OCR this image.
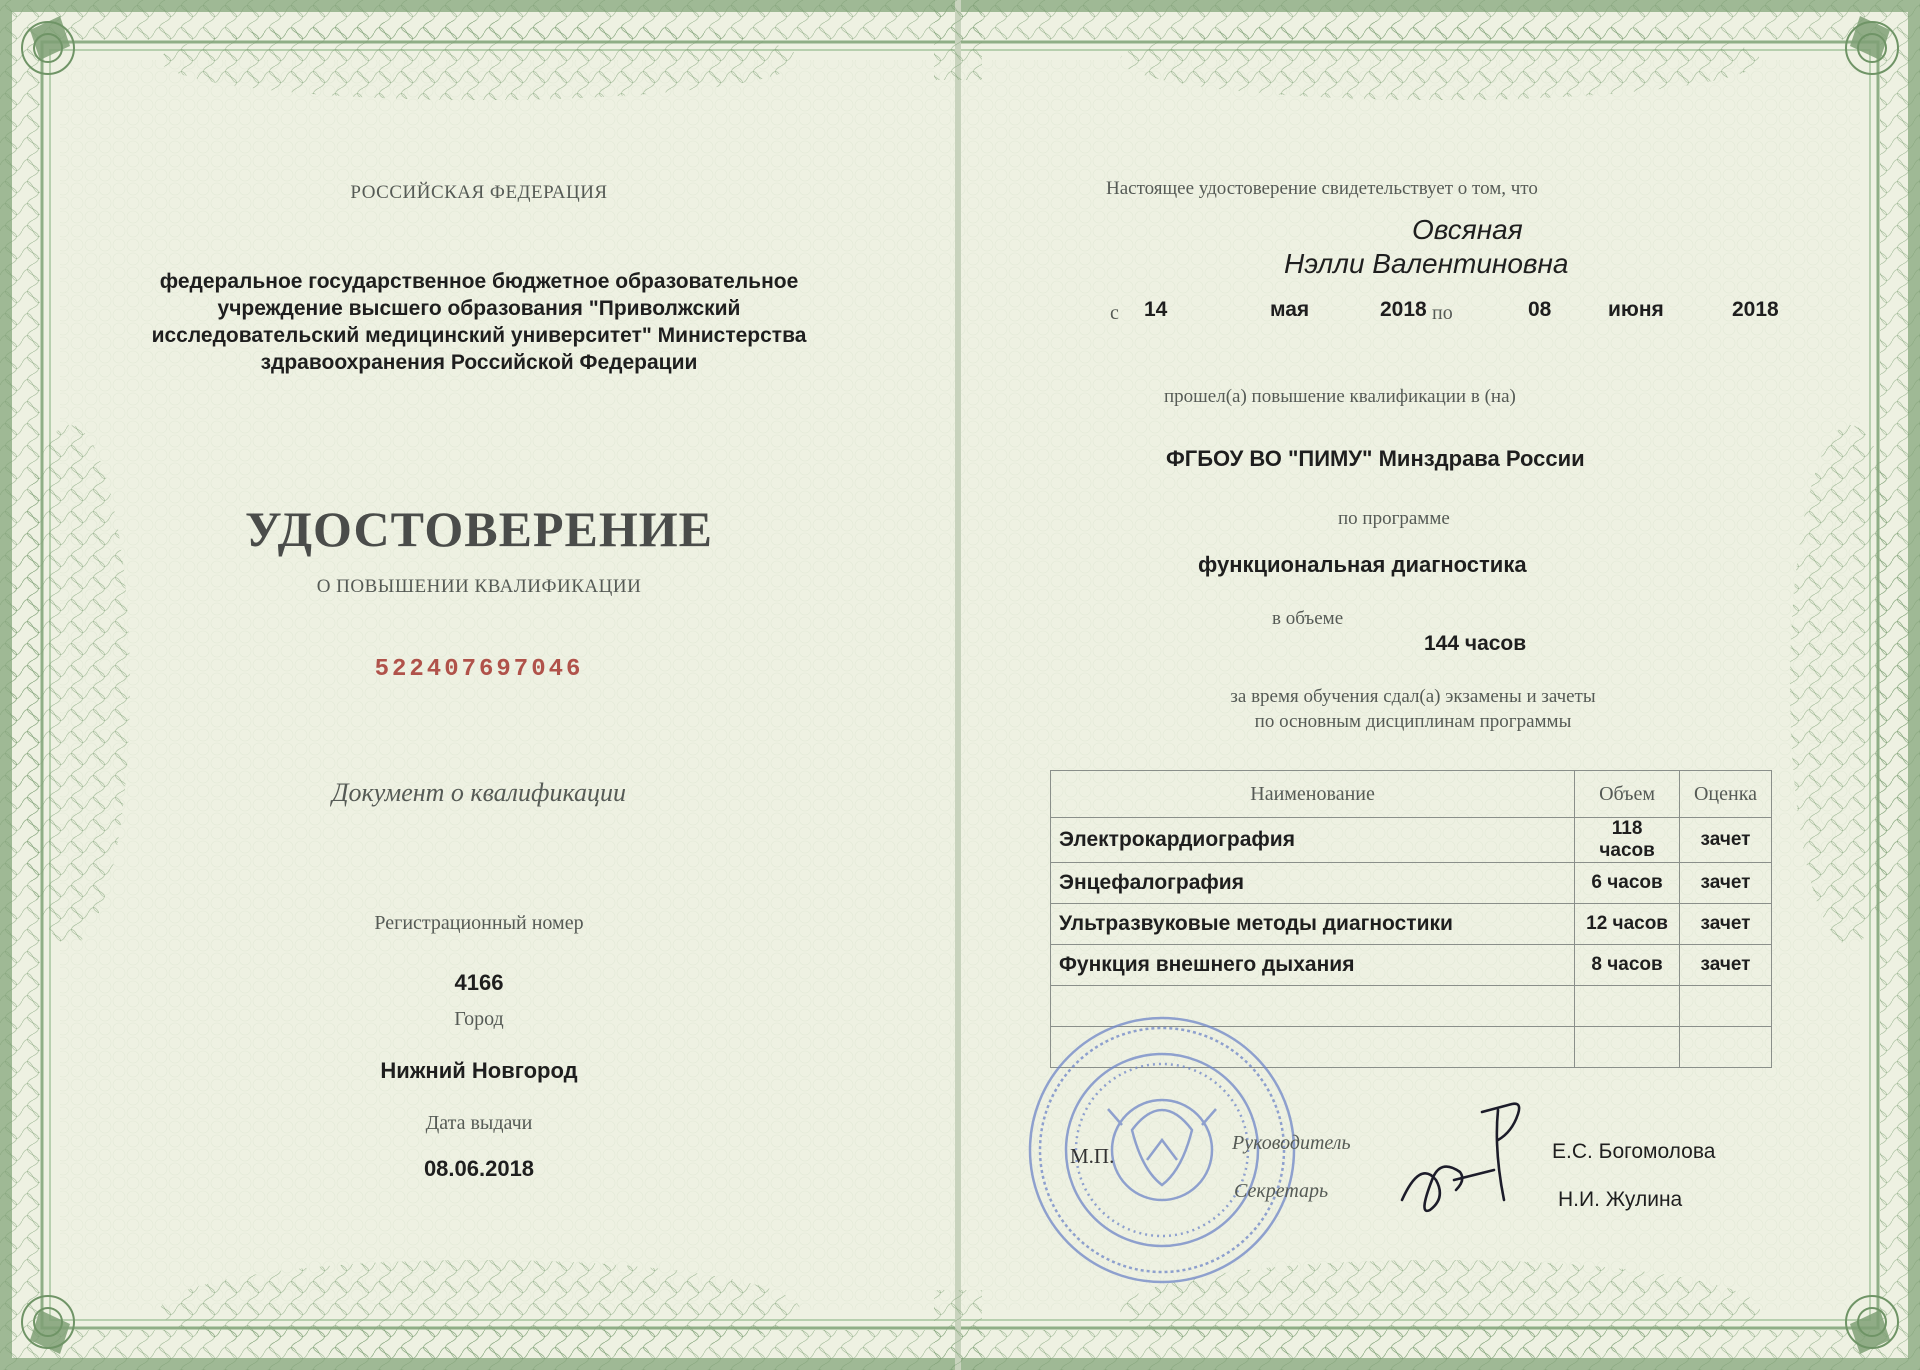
РОССИЙСКАЯ ФЕДЕРАЦИЯ
федеральное государственное бюджетное образовательное
учреждение высшего образования "Приволжский
исследовательский медицинский университет" Министерства
здравоохранения Российской Федерации
УДОСТОВЕРЕНИЕ
О ПОВЫШЕНИИ КВАЛИФИКАЦИИ
522407697046
Документ о квалификации
Регистрационный номер
4166
Город
Нижний Новгород
Дата выдачи
08.06.2018
Настоящее удостоверение свидетельствует о том, что
Овсяная
Нэлли Валентиновна
с 14	мая	2018 по	08	июня	2018
прошел(а) повышение квалификации в (на)
ФГБОУ ВО "ПИМУ" Минздрава России
по программе
функциональная диагностика
в объеме
144 часов
за время обучения сдал(а) экзамены и зачеты
по основным дисциплинам программы
Наименование	Объем	Оценка
Электрокардиография	118 часов	зачет
Энцефалография	6 часов	зачет
Ультразвуковые методы диагностики	12 часов	зачет
Функция внешнего дыхания	8 часов	зачет

М.П.
Руководитель
Секретарь
Е.С. Богомолова
Н.И. Жулина
